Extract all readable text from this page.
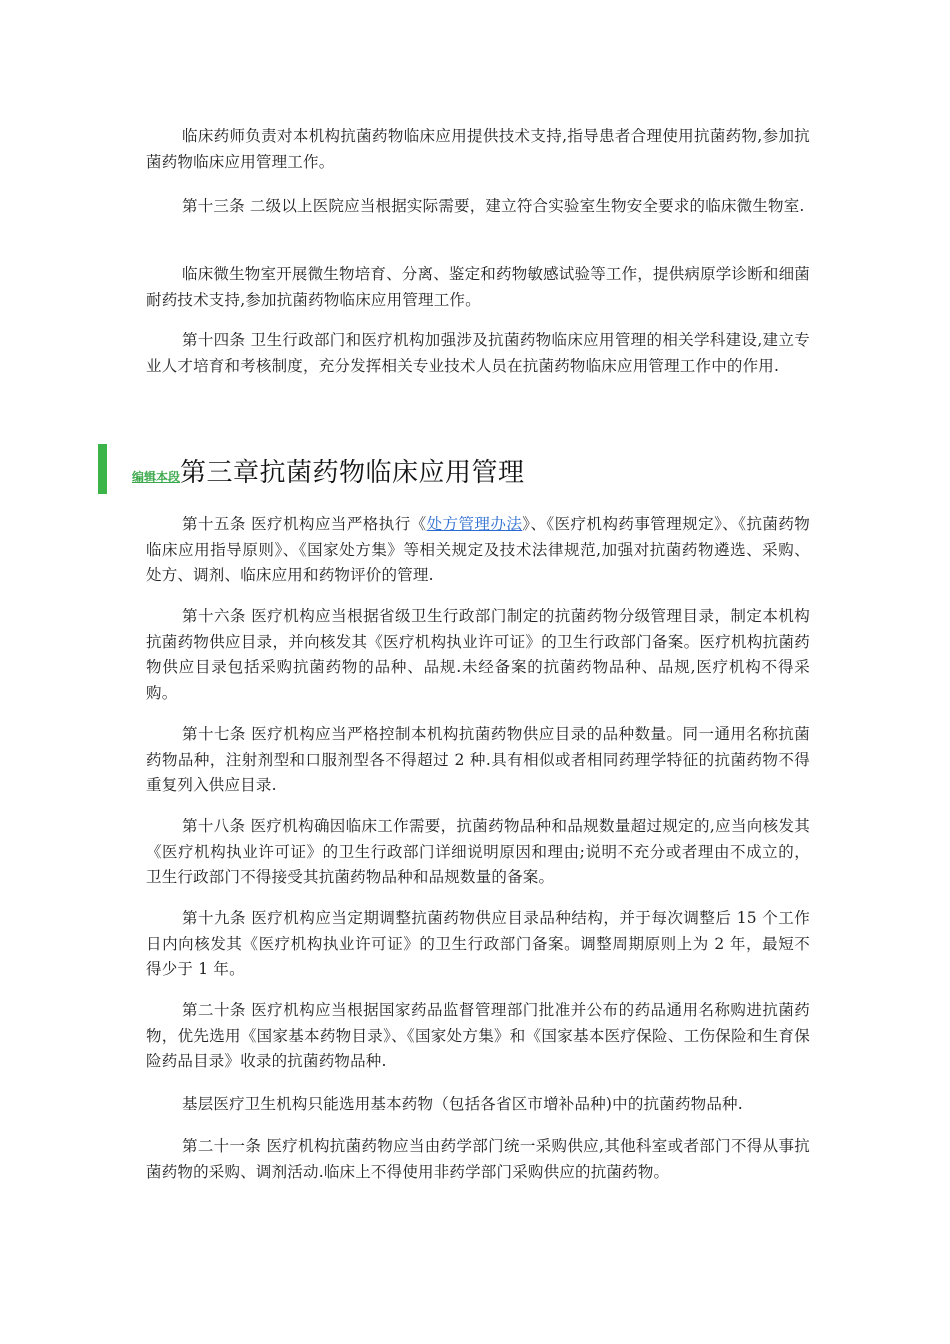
临床药师负责对本机构抗菌药物临床应用提供技术支持,指导患者合理使用抗菌药物,参加抗菌药物临床应用管理工作。

第十三条 二级以上医院应当根据实际需要，建立符合实验室生物安全要求的临床微生物室.

临床微生物室开展微生物培育、分离、鉴定和药物敏感试验等工作，提供病原学诊断和细菌耐药技术支持,参加抗菌药物临床应用管理工作。

第十四条 卫生行政部门和医疗机构加强涉及抗菌药物临床应用管理的相关学科建设,建立专业人才培育和考核制度，充分发挥相关专业技术人员在抗菌药物临床应用管理工作中的作用.

编辑本段第三章抗菌药物临床应用管理

第十五条 医疗机构应当严格执行《处方管理办法》、《医疗机构药事管理规定》、《抗菌药物临床应用指导原则》、《国家处方集》等相关规定及技术法律规范,加强对抗菌药物遴选、采购、处方、调剂、临床应用和药物评价的管理.

第十六条 医疗机构应当根据省级卫生行政部门制定的抗菌药物分级管理目录，制定本机构抗菌药物供应目录，并向核发其《医疗机构执业许可证》的卫生行政部门备案。医疗机构抗菌药物供应目录包括采购抗菌药物的品种、品规.未经备案的抗菌药物品种、品规,医疗机构不得采购。

第十七条 医疗机构应当严格控制本机构抗菌药物供应目录的品种数量。同一通用名称抗菌药物品种，注射剂型和口服剂型各不得超过 2 种.具有相似或者相同药理学特征的抗菌药物不得重复列入供应目录.

第十八条 医疗机构确因临床工作需要，抗菌药物品种和品规数量超过规定的,应当向核发其《医疗机构执业许可证》的卫生行政部门详细说明原因和理由;说明不充分或者理由不成立的，卫生行政部门不得接受其抗菌药物品种和品规数量的备案。

第十九条 医疗机构应当定期调整抗菌药物供应目录品种结构，并于每次调整后 15 个工作日内向核发其《医疗机构执业许可证》的卫生行政部门备案。调整周期原则上为 2 年，最短不得少于 1 年。

第二十条 医疗机构应当根据国家药品监督管理部门批准并公布的药品通用名称购进抗菌药物，优先选用《国家基本药物目录》、《国家处方集》和《国家基本医疗保险、工伤保险和生育保险药品目录》收录的抗菌药物品种.

基层医疗卫生机构只能选用基本药物（包括各省区市增补品种)中的抗菌药物品种.

第二十一条 医疗机构抗菌药物应当由药学部门统一采购供应,其他科室或者部门不得从事抗菌药物的采购、调剂活动.临床上不得使用非药学部门采购供应的抗菌药物。
